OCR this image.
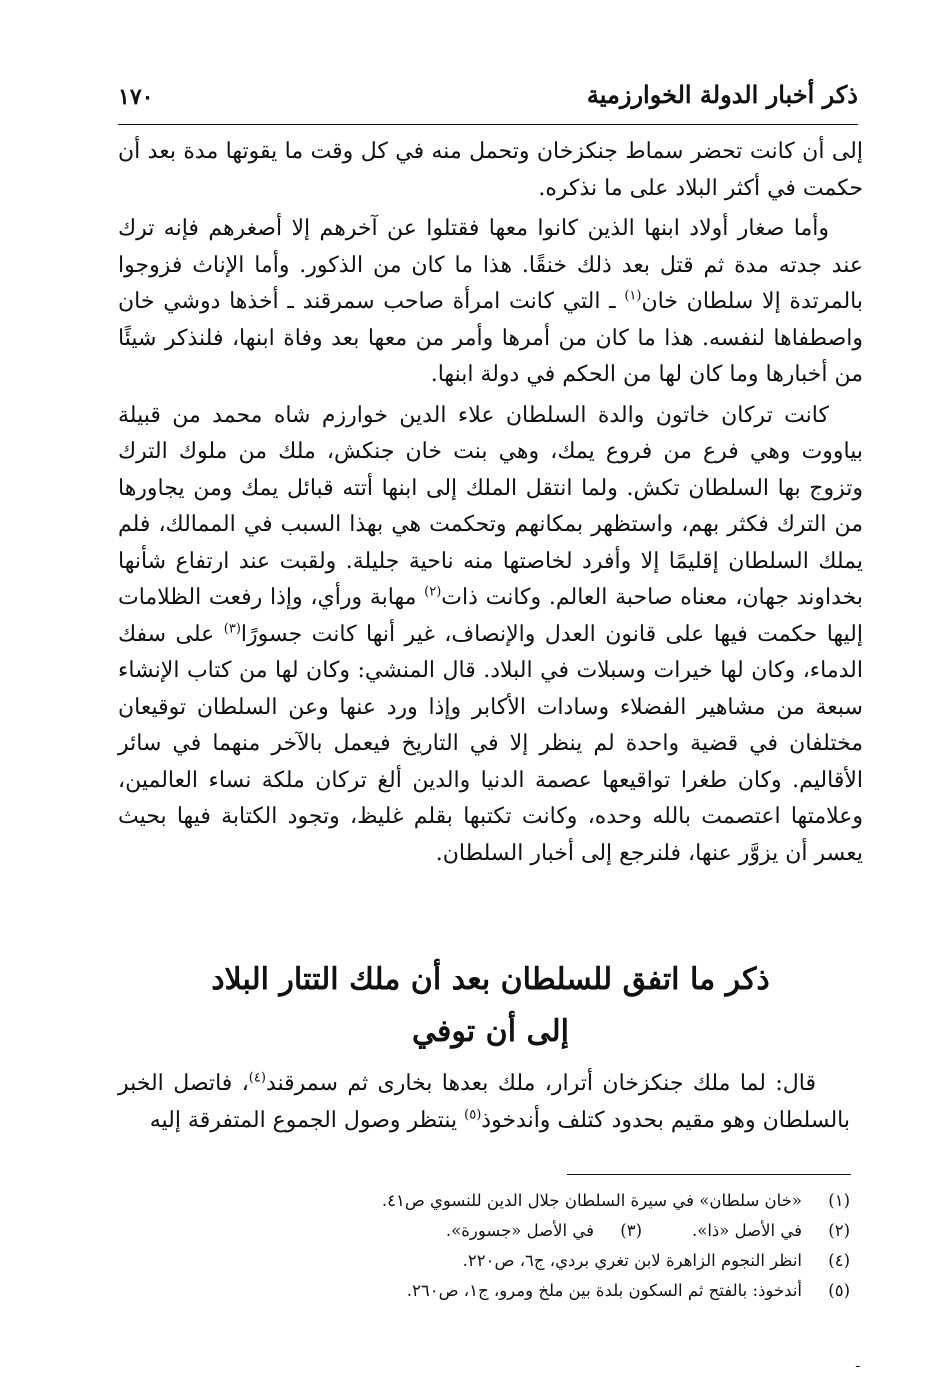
ذكر أخبار الدولة الخوارزمية
١٧٠

إلى أن كانت تحضر سماط جنكزخان وتحمل منه في كل وقت ما يقوتها مدة بعد أن حكمت في أكثر البلاد على ما نذكره.

وأما صغار أولاد ابنها الذين كانوا معها فقتلوا عن آخرهم إلا أصغرهم فإنه ترك عند جدته مدة ثم قتل بعد ذلك خنقًا. هذا ما كان من الذكور. وأما الإناث فزوجوا بالمرتدة إلا سلطان خان$^{(١)}$ ـ التي كانت امرأة صاحب سمرقند ـ أخذها دوشي خان واصطفاها لنفسه. هذا ما كان من أمرها وأمر من معها بعد وفاة ابنها، فلنذكر شيئًا من أخبارها وما كان لها من الحكم في دولة ابنها.

كانت تركان خاتون والدة السلطان علاء الدين خوارزم شاه محمد من قبيلة بياووت وهي فرع من فروع يمك، وهي بنت خان جنكش، ملك من ملوك الترك وتزوج بها السلطان تكش. ولما انتقل الملك إلى ابنها أتته قبائل يمك ومن يجاورها من الترك فكثر بهم، واستظهر بمكانهم وتحكمت هي بهذا السبب في الممالك، فلم يملك السلطان إقليمًا إلا وأفرد لخاصتها منه ناحية جليلة. ولقبت عند ارتفاع شأنها بخداوند جهان، معناه صاحبة العالم. وكانت ذات$^{(٢)}$ مهابة ورأي، وإذا رفعت الظلامات إليها حكمت فيها على قانون العدل والإنصاف، غير أنها كانت جسورًا$^{(٣)}$ على سفك الدماء، وكان لها خيرات وسبلات في البلاد. قال المنشي: وكان لها من كتاب الإنشاء سبعة من مشاهير الفضلاء وسادات الأكابر وإذا ورد عنها وعن السلطان توقيعان مختلفان في قضية واحدة لم ينظر إلا في التاريخ فيعمل بالآخر منهما في سائر الأقاليم. وكان طغرا تواقيعها عصمة الدنيا والدين ألغ تركان ملكة نساء العالمين، وعلامتها اعتصمت بالله وحده، وكانت تكتبها بقلم غليظ، وتجود الكتابة فيها بحيث يعسر أن يزوَّر عنها، فلنرجع إلى أخبار السلطان.

ذكر ما اتفق للسلطان بعد أن ملك التتار البلاد
إلى أن توفي

قال: لما ملك جنكزخان أترار، ملك بعدها بخارى ثم سمرقند$^{(٤)}$، فاتصل الخبر بالسلطان وهو مقيم بحدود كتلف وأندخوذ$^{(٥)}$ ينتظر وصول الجموع المتفرقة إليه

(١)
«خان سلطان» في سيرة السلطان جلال الدين للنسوي ص٤١.
(٢)
في الأصل «ذا».
(٣)
في الأصل «جسورة».
(٤)
انظر النجوم الزاهرة لابن تغري بردي، ج٦، ص٢٢٠.
(٥)
أندخوذ: بالفتح ثم السكون بلدة بين ملخ ومرو، ج١، ص٢٦٠.
ـ
